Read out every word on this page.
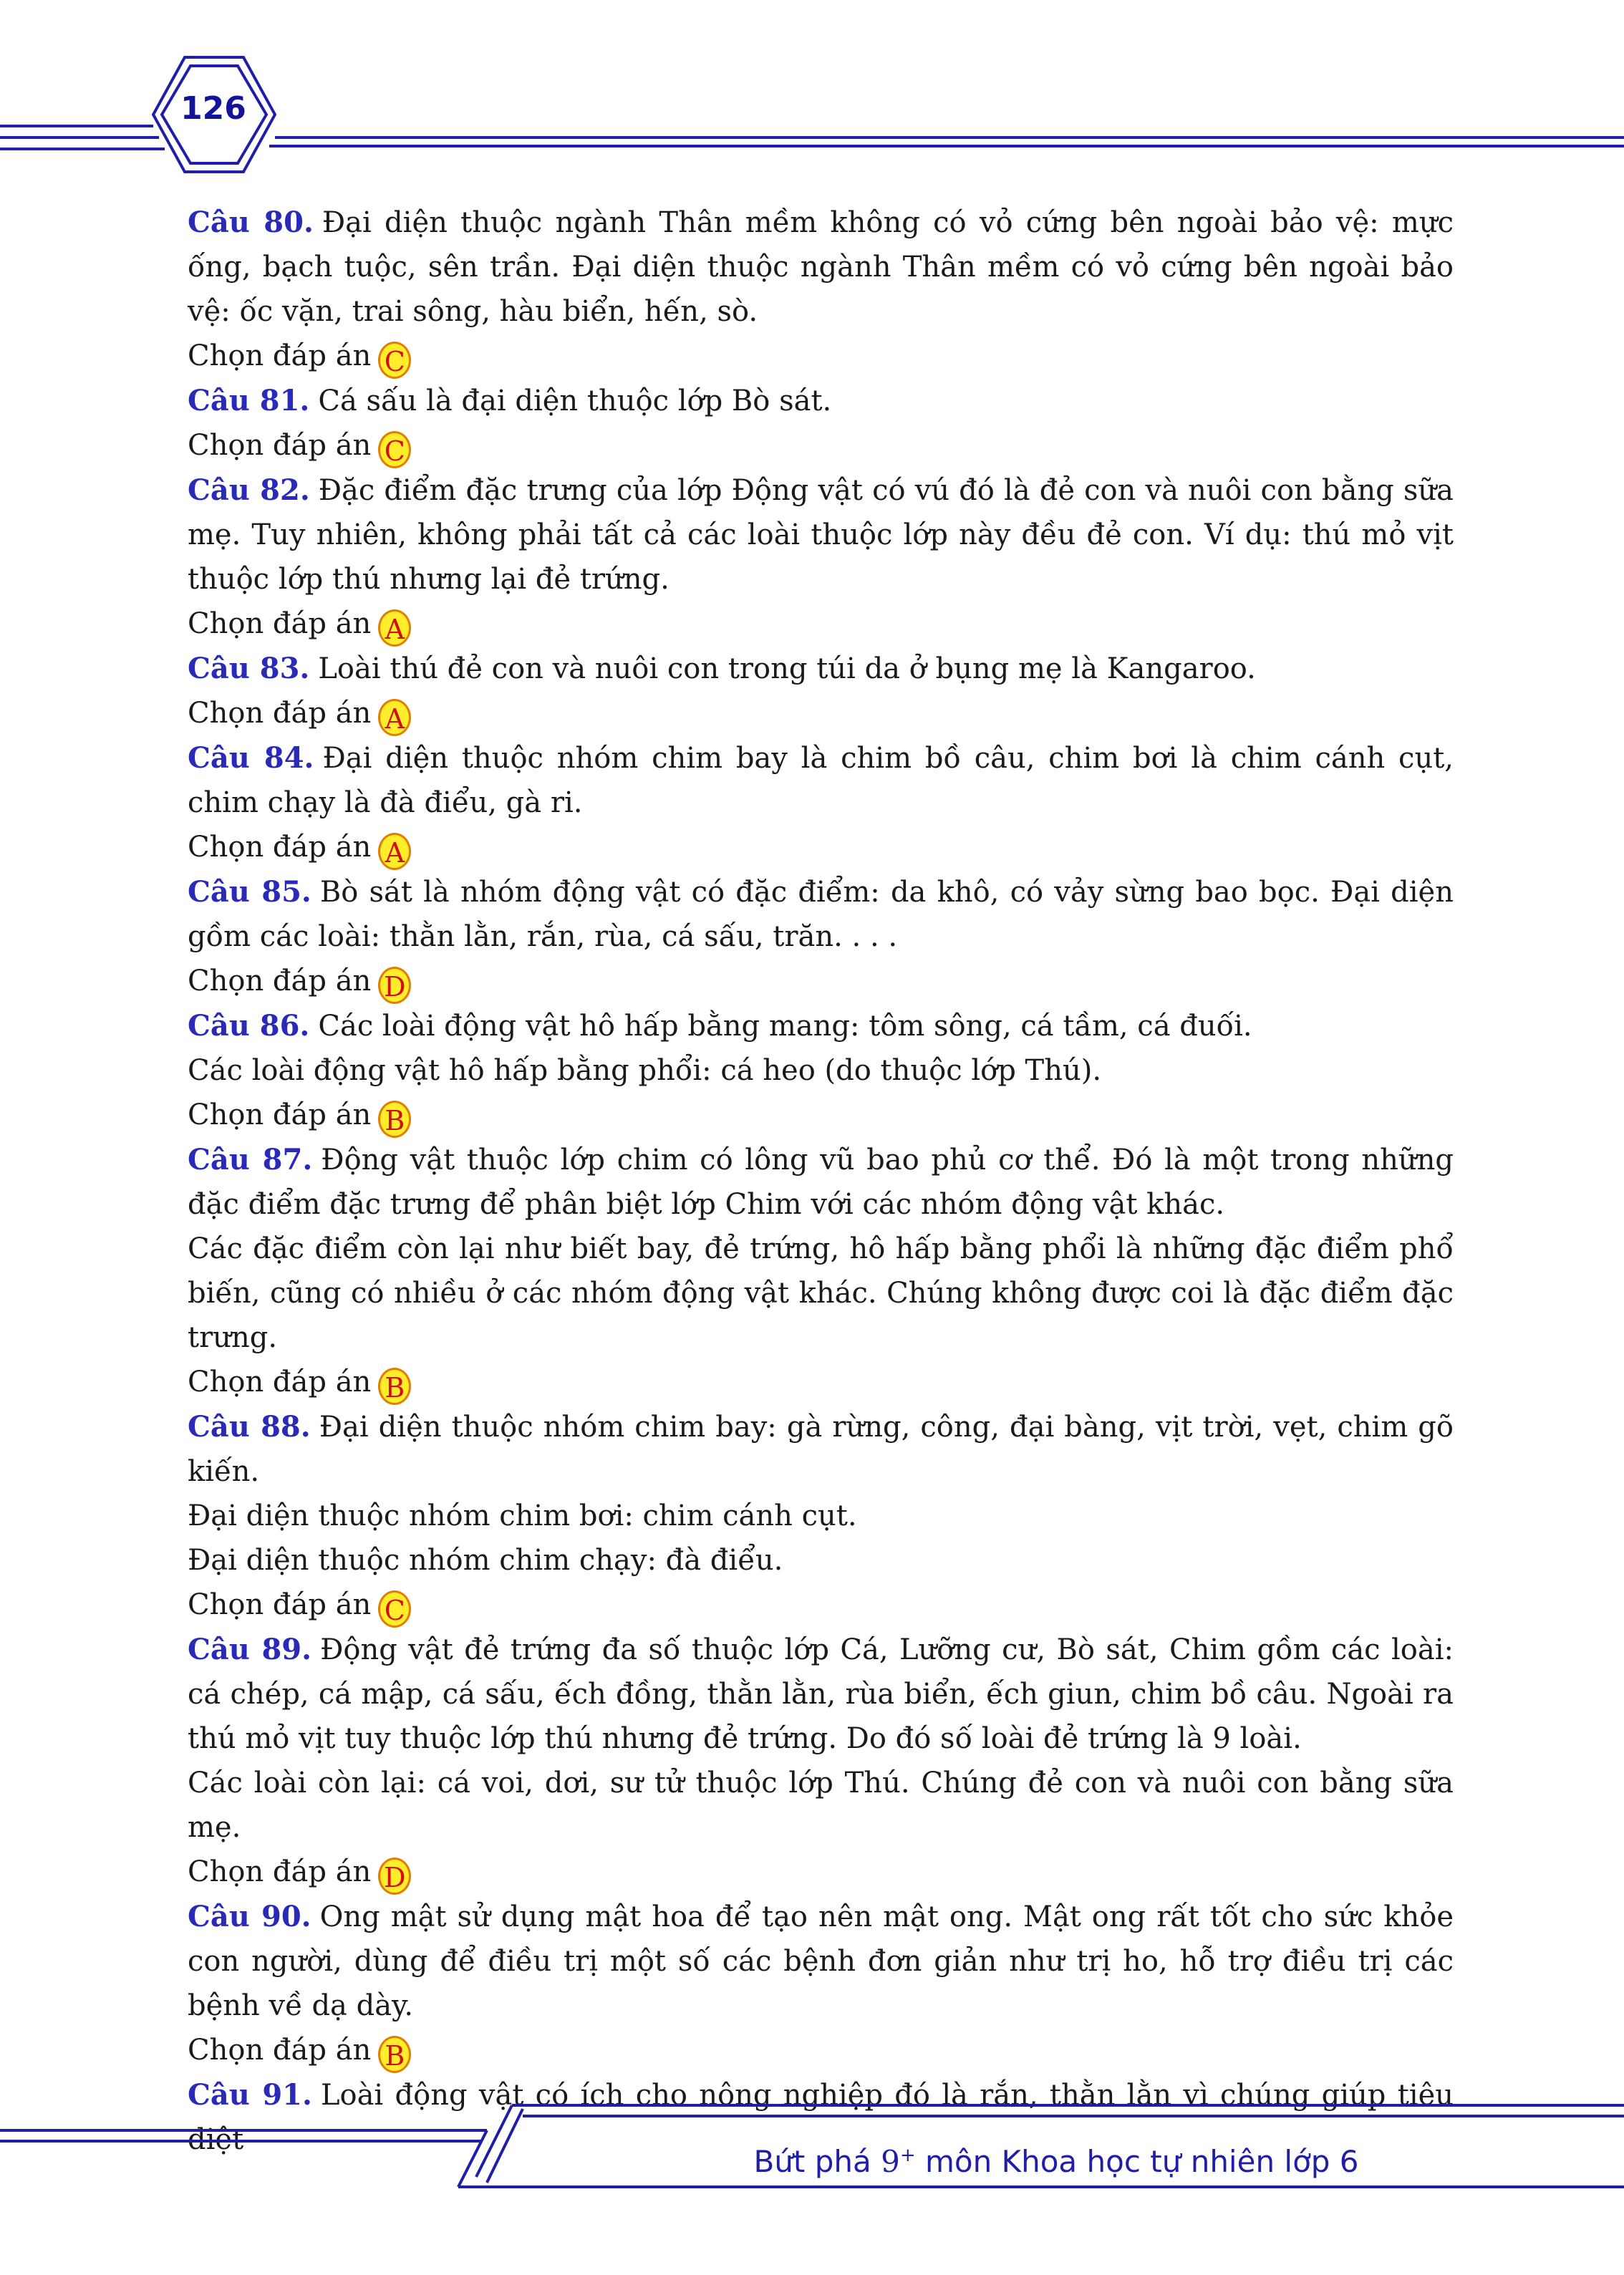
126

Câu 80. Đại diện thuộc ngành Thân mềm không có vỏ cứng bên ngoài bảo vệ: mực ống, bạch tuộc, sên trần. Đại diện thuộc ngành Thân mềm có vỏ cứng bên ngoài bảo vệ: ốc vặn, trai sông, hàu biển, hến, sò.

Chọn đáp án C

Câu 81. Cá sấu là đại diện thuộc lớp Bò sát.

Chọn đáp án C

Câu 82. Đặc điểm đặc trưng của lớp Động vật có vú đó là đẻ con và nuôi con bằng sữa mẹ. Tuy nhiên, không phải tất cả các loài thuộc lớp này đều đẻ con. Ví dụ: thú mỏ vịt thuộc lớp thú nhưng lại đẻ trứng.

Chọn đáp án A

Câu 83. Loài thú đẻ con và nuôi con trong túi da ở bụng mẹ là Kangaroo.

Chọn đáp án A

Câu 84. Đại diện thuộc nhóm chim bay là chim bồ câu, chim bơi là chim cánh cụt, chim chạy là đà điểu, gà ri.

Chọn đáp án A

Câu 85. Bò sát là nhóm động vật có đặc điểm: da khô, có vảy sừng bao bọc. Đại diện gồm các loài: thằn lằn, rắn, rùa, cá sấu, trăn. . . .

Chọn đáp án D

Câu 86. Các loài động vật hô hấp bằng mang: tôm sông, cá tầm, cá đuối.

Các loài động vật hô hấp bằng phổi: cá heo (do thuộc lớp Thú).

Chọn đáp án B

Câu 87. Động vật thuộc lớp chim có lông vũ bao phủ cơ thể. Đó là một trong những đặc điểm đặc trưng để phân biệt lớp Chim với các nhóm động vật khác.

Các đặc điểm còn lại như biết bay, đẻ trứng, hô hấp bằng phổi là những đặc điểm phổ biến, cũng có nhiều ở các nhóm động vật khác. Chúng không được coi là đặc điểm đặc trưng.

Chọn đáp án B

Câu 88. Đại diện thuộc nhóm chim bay: gà rừng, công, đại bàng, vịt trời, vẹt, chim gõ kiến.

Đại diện thuộc nhóm chim bơi: chim cánh cụt.

Đại diện thuộc nhóm chim chạy: đà điểu.

Chọn đáp án C

Câu 89. Động vật đẻ trứng đa số thuộc lớp Cá, Lưỡng cư, Bò sát, Chim gồm các loài: cá chép, cá mập, cá sấu, ếch đồng, thằn lằn, rùa biển, ếch giun, chim bồ câu. Ngoài ra thú mỏ vịt tuy thuộc lớp thú nhưng đẻ trứng. Do đó số loài đẻ trứng là 9 loài.

Các loài còn lại: cá voi, dơi, sư tử thuộc lớp Thú. Chúng đẻ con và nuôi con bằng sữa mẹ.

Chọn đáp án D

Câu 90. Ong mật sử dụng mật hoa để tạo nên mật ong. Mật ong rất tốt cho sức khỏe con người, dùng để điều trị một số các bệnh đơn giản như trị ho, hỗ trợ điều trị các bệnh về dạ dày.

Chọn đáp án B

Câu 91. Loài động vật có ích cho nông nghiệp đó là rắn, thằn lằn vì chúng giúp tiêu diệt

Bứt phá 9+ môn Khoa học tự nhiên lớp 6
